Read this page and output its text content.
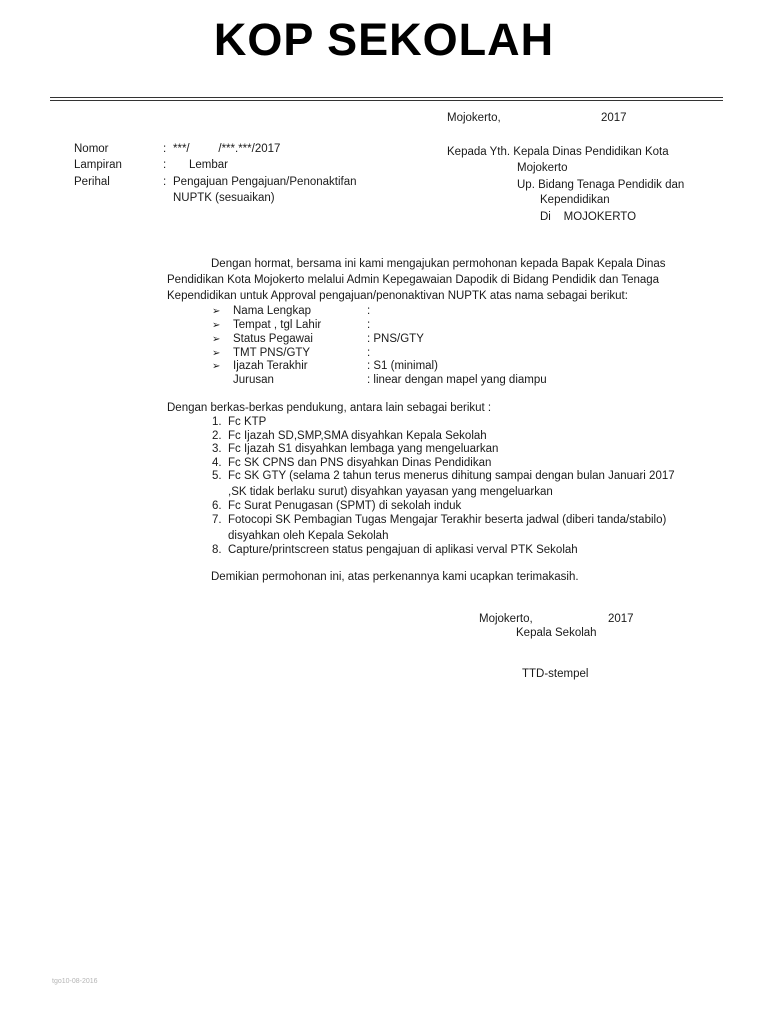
KOP SEKOLAH
Mojokerto,	2017
Nomor	: ***/         /***.***/2017
Lampiran	: Lembar
Perihal	: Pengajuan Pengajuan/Penonaktifan
NUPTK (sesuaikan)
Kepada Yth. Kepala Dinas Pendidikan Kota
Mojokerto
Up. Bidang Tenaga Pendidik dan
Kependidikan
Di    MOJOKERTO
Dengan hormat, bersama ini kami mengajukan permohonan kepada Bapak Kepala Dinas
Pendidikan Kota Mojokerto melalui Admin Kepegawaian Dapodik di Bidang Pendidik dan Tenaga
Kependidikan untuk Approval pengajuan/penonaktivan NUPTK atas nama sebagai berikut:
➢ Nama Lengkap	:
➢ Tempat , tgl Lahir	:
➢ Status Pegawai	: PNS/GTY
➢ TMT PNS/GTY	:
➢ Ijazah Terakhir	: S1 (minimal)
Jurusan	: linear dengan mapel yang diampu
Dengan berkas-berkas pendukung, antara lain sebagai berikut :
1. Fc KTP
2. Fc Ijazah SD,SMP,SMA disyahkan Kepala Sekolah
3. Fc Ijazah S1 disyahkan lembaga yang mengeluarkan
4. Fc SK CPNS dan PNS disyahkan Dinas Pendidikan
5. Fc SK GTY (selama 2 tahun terus menerus dihitung sampai dengan bulan Januari 2017
,SK tidak berlaku surut) disyahkan yayasan yang mengeluarkan
6. Fc Surat Penugasan (SPMT) di sekolah induk
7. Fotocopi SK Pembagian Tugas Mengajar Terakhir beserta jadwal (diberi tanda/stabilo)
disyahkan oleh Kepala Sekolah
8. Capture/printscreen status pengajuan di aplikasi verval PTK Sekolah
Demikian permohonan ini, atas perkenannya kami ucapkan terimakasih.
Mojokerto,	2017
Kepala Sekolah
TTD-stempel
tgo10-08-2016
